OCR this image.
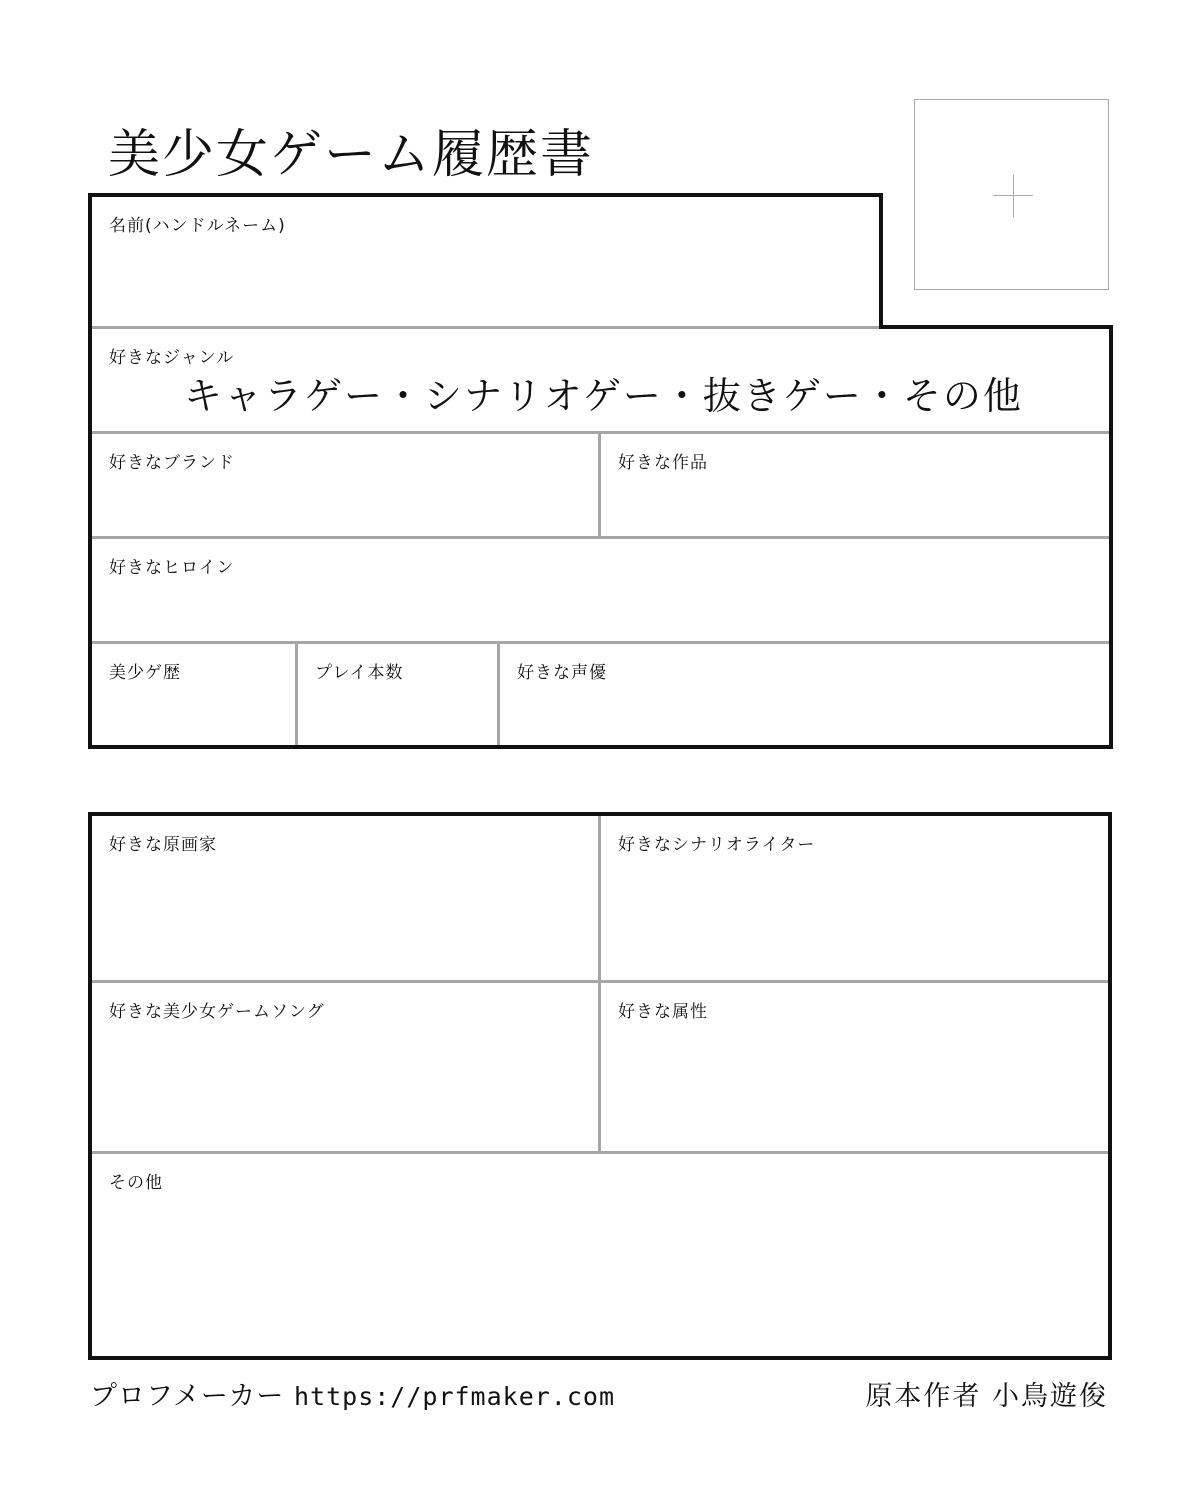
美少女ゲーム履歴書
名前(ハンドルネーム)
好きなジャンル
キャラゲー・シナリオゲー・抜きゲー・その他
好きなブランド	好きな作品
好きなヒロイン
美少ゲ歴	プレイ本数	好きな声優
好きな原画家	好きなシナリオライター
好きな美少女ゲームソング	好きな属性
その他
プロフメーカー https://prfmaker.com	原本作者 小鳥遊俊
